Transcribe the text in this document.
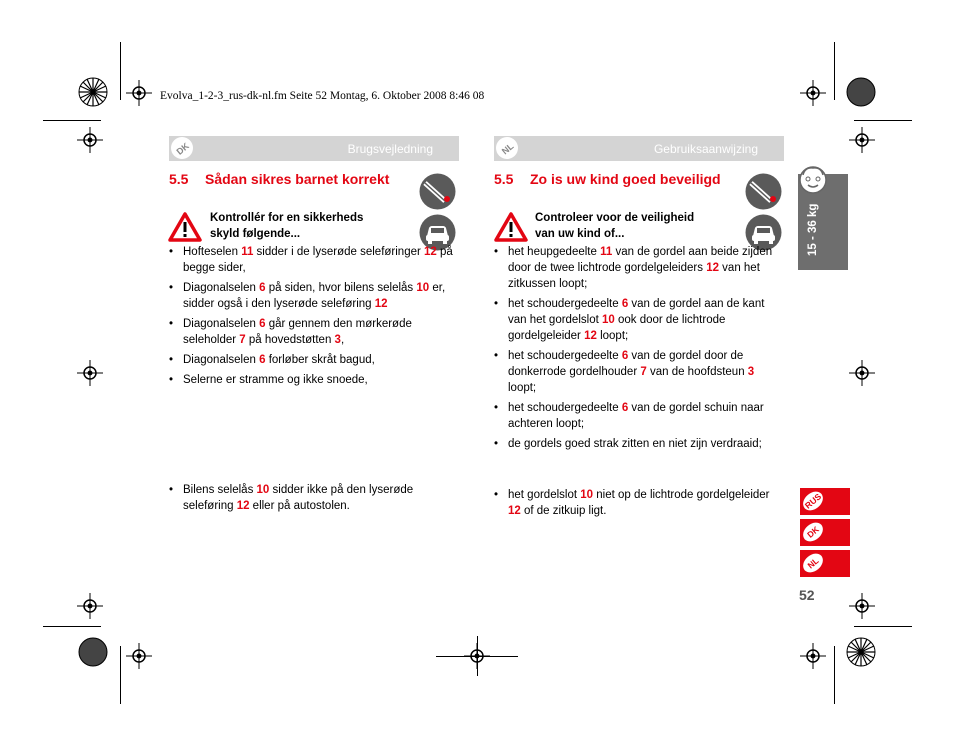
Evolva_1-2-3_rus-dk-nl.fm Seite 52 Montag, 6. Oktober 2008 8:46 08
DK	Brugsvejledning
5.5 Sådan sikres barnet korrekt
Kontrollér for en sikkerheds
skyld følgende...
• Hofteselen 11 sidder i de lyserøde seleføringer 12 på begge sider,
• Diagonalselen 6 på siden, hvor bilens selelås 10 er, sidder også i den lyserøde seleføring 12
• Diagonalselen 6 går gennem den mørkerøde seleholder 7 på hovedstøtten 3,
• Diagonalselen 6 forløber skråt bagud,
• Selerne er stramme og ikke snoede,
• Bilens selelås 10 sidder ikke på den lyserøde seleføring 12 eller på autostolen.
NL	Gebruiksaanwijzing
5.5 Zo is uw kind goed beveiligd
Controleer voor de veiligheid
van uw kind of...
• het heupgedeelte 11 van de gordel aan beide zijden door de twee lichtrode gordelgeleiders 12 van het zitkussen loopt;
• het schoudergedeelte 6 van de gordel aan de kant van het gordelslot 10 ook door de lichtrode gordelgeleider 12 loopt;
• het schoudergedeelte 6 van de gordel door de donkerrode gordelhouder 7 van de hoofdsteun 3 loopt;
• het schoudergedeelte 6 van de gordel schuin naar achteren loopt;
• de gordels goed strak zitten en niet zijn verdraaid;
• het gordelslot 10 niet op de lichtrode gordelgeleider 12 of de zitkuip ligt.
15 - 36 kg
RUS
DK
NL
52
